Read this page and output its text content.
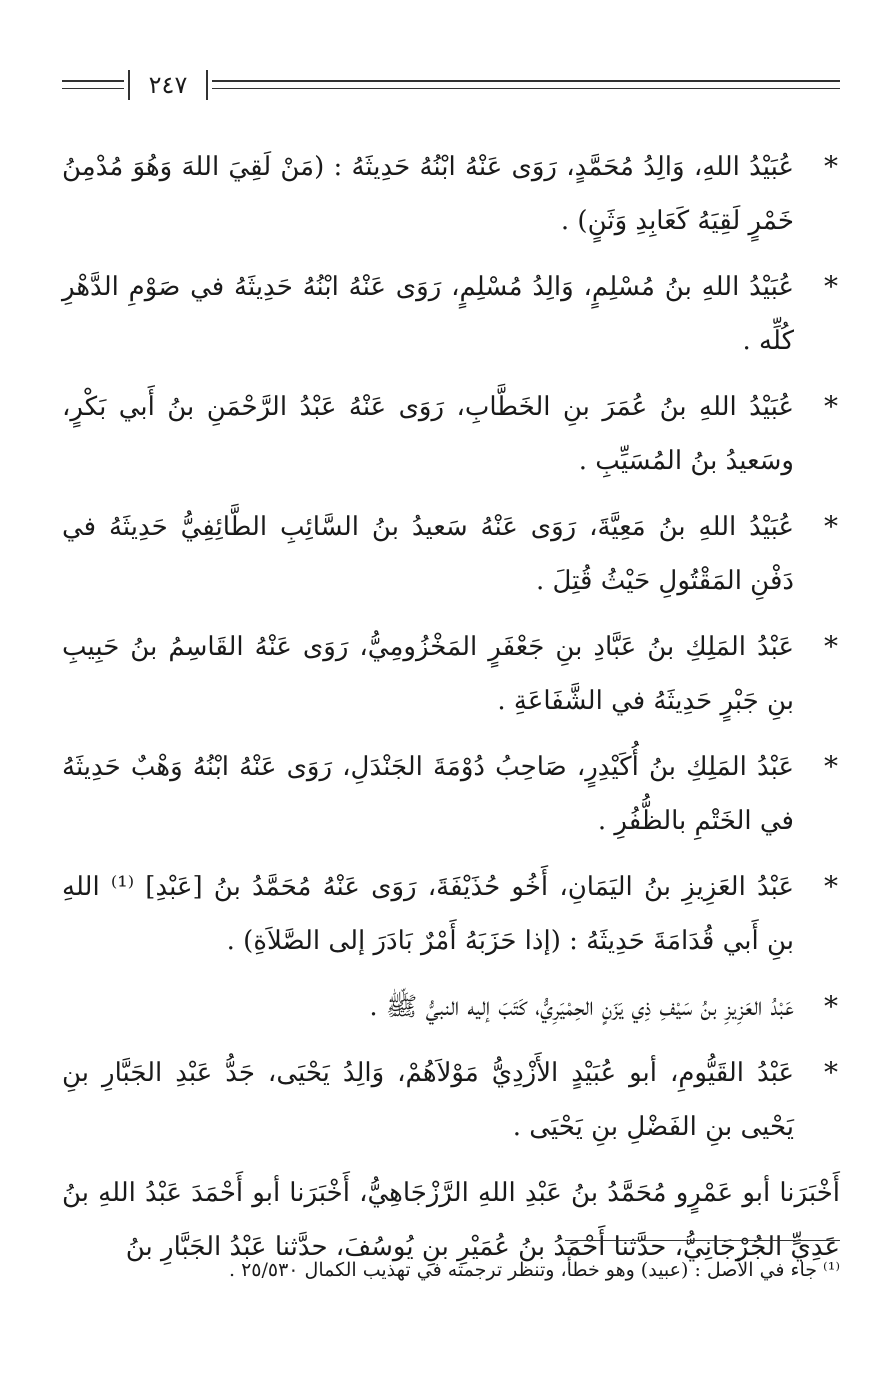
٢٤٧
*
عُبَيْدُ اللهِ، وَالِدُ مُحَمَّدٍ، رَوَى عَنْهُ ابْنُهُ حَدِيثَهُ : (مَنْ لَقِيَ اللهَ وَهُوَ مُدْمِنُ خَمْرٍ لَقِيَهُ كَعَابِدِ وَثَنٍ) .
*
عُبَيْدُ اللهِ بنُ مُسْلِمٍ، وَالِدُ مُسْلِمٍ، رَوَى عَنْهُ ابْنُهُ حَدِيثَهُ في صَوْمِ الدَّهْرِ كُلِّه .
*
عُبَيْدُ اللهِ بنُ عُمَرَ بنِ الخَطَّابِ، رَوَى عَنْهُ عَبْدُ الرَّحْمَنِ بنُ أَبي بَكْرٍ، وسَعيدُ بنُ المُسَيِّبِ .
*
عُبَيْدُ اللهِ بنُ مَعِيَّةَ، رَوَى عَنْهُ سَعيدُ بنُ السَّائِبِ الطَّائِفِيُّ حَدِيثَهُ في دَفْنِ المَقْتُولِ حَيْثُ قُتِلَ .
*
عَبْدُ المَلِكِ بنُ عَبَّادِ بنِ جَعْفَرٍ المَخْزُومِيُّ، رَوَى عَنْهُ القَاسِمُ بنُ حَبِيبِ بنِ جَبْرٍ حَدِيثَهُ في الشَّفَاعَةِ .
*
عَبْدُ المَلِكِ بنُ أُكَيْدِرٍ، صَاحِبُ دُوْمَةَ الجَنْدَلِ، رَوَى عَنْهُ ابْنُهُ وَهْبٌ حَدِيثَهُ في الخَتْمِ بالظُّفُرِ .
*
عَبْدُ العَزِيزِ بنُ اليَمَانِ، أَخُو حُذَيْفَةَ، رَوَى عَنْهُ مُحَمَّدُ بنُ [عَبْدِ] ⁽¹⁾ اللهِ بنِ أَبي قُدَامَةَ حَدِيثَهُ : (إذا حَزَبَهُ أَمْرٌ بَادَرَ إلى الصَّلاَةِ) .
*
عَبْدُ العَزِيزِ بنُ سَيْفِ ذِي يَزَنٍ الحِمْيَرِيُّ، كَتَبَ إليه النبيُّ ﷺ .
*
عَبْدُ القَيُّومِ، أبو عُبَيْدٍ الأَزْدِيُّ مَوْلاَهُمْ، وَالِدُ يَحْيَى، جَدُّ عَبْدِ الجَبَّارِ بنِ يَحْيى بنِ الفَضْلِ بنِ يَحْيَى .
أَخْبَرَنا أبو عَمْرٍو مُحَمَّدُ بنُ عَبْدِ اللهِ الرَّزْجَاهِيُّ، أَخْبَرَنا أبو أَحْمَدَ عَبْدُ اللهِ بنُ عَدِيٍّ الجُرْجَانِيُّ، حدَّثنا أَحْمَدُ بنُ عُمَيْرِ بنِ يُوسُفَ، حدَّثنا عَبْدُ الجَبَّارِ بنُ
⁽¹⁾ جاء في الأصل : (عبيد) وهو خطأ، وتنظر ترجمته في تهذيب الكمال ٢٥/٥٣٠ .
